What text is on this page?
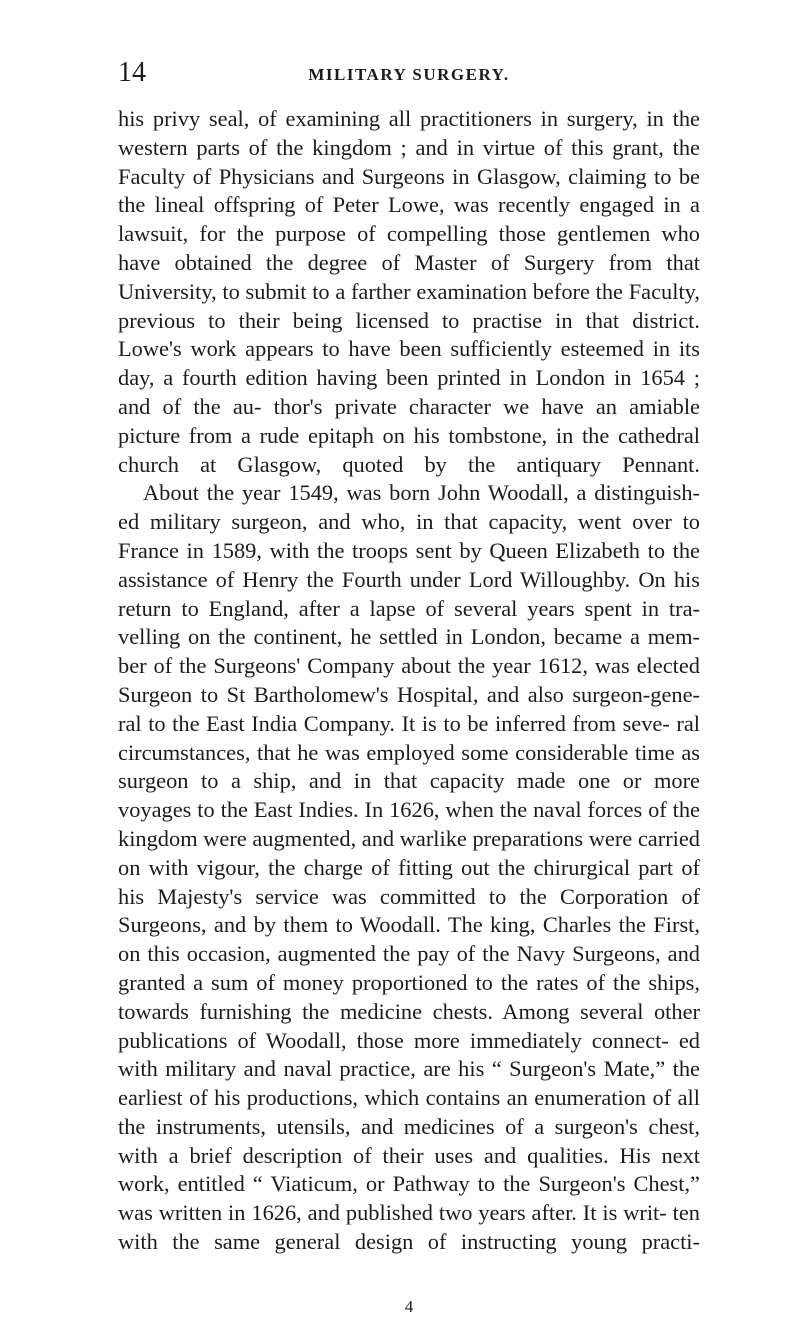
14	MILITARY SURGERY.

his privy seal, of examining all practitioners in surgery, in the western parts of the kingdom ; and in virtue of this grant, the Faculty of Physicians and Surgeons in Glasgow, claiming to be the lineal offspring of Peter Lowe, was recently engaged in a lawsuit, for the purpose of compelling those gentlemen who have obtained the degree of Master of Surgery from that University, to submit to a farther examination before the Faculty, previous to their being licensed to practise in that district. Lowe's work appears to have been sufficiently esteemed in its day, a fourth edition having been printed in London in 1654 ; and of the au- thor's private character we have an amiable picture from a rude epitaph on his tombstone, in the cathedral church at Glasgow, quoted by the antiquary Pennant.

About the year 1549, was born John Woodall, a distinguish- ed military surgeon, and who, in that capacity, went over to France in 1589, with the troops sent by Queen Elizabeth to the assistance of Henry the Fourth under Lord Willoughby. On his return to England, after a lapse of several years spent in tra- velling on the continent, he settled in London, became a mem- ber of the Surgeons' Company about the year 1612, was elected Surgeon to St Bartholomew's Hospital, and also surgeon-gene- ral to the East India Company. It is to be inferred from seve- ral circumstances, that he was employed some considerable time as surgeon to a ship, and in that capacity made one or more voyages to the East Indies. In 1626, when the naval forces of the kingdom were augmented, and warlike preparations were carried on with vigour, the charge of fitting out the chirurgical part of his Majesty's service was committed to the Corporation of Surgeons, and by them to Woodall. The king, Charles the First, on this occasion, augmented the pay of the Navy Surgeons, and granted a sum of money proportioned to the rates of the ships, towards furnishing the medicine chests. Among several other publications of Woodall, those more immediately connect- ed with military and naval practice, are his “ Surgeon's Mate,” the earliest of his productions, which contains an enumeration of all the instruments, utensils, and medicines of a surgeon's chest, with a brief description of their uses and qualities. His next work, entitled “ Viaticum, or Pathway to the Surgeon's Chest,” was written in 1626, and published two years after. It is writ- ten with the same general design of instructing young practi-

4
